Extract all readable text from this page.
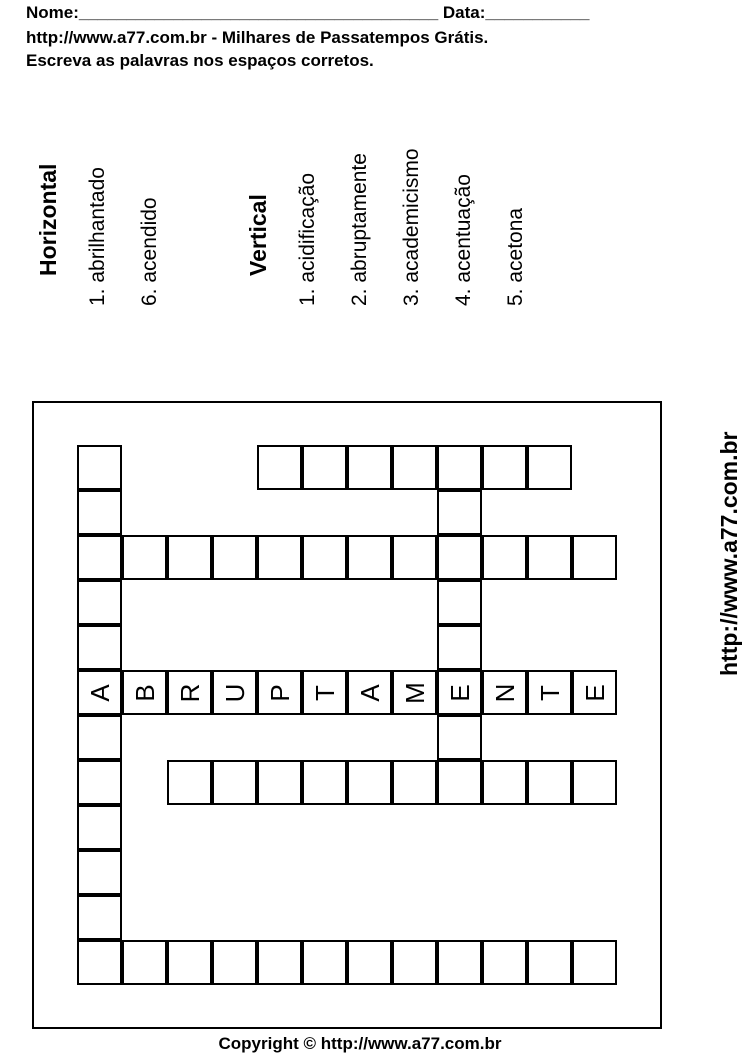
Nome:______________________________________ Data:___________
http://www.a77.com.br - Milhares de Passatempos Grátis.
Escreva as palavras nos espaços corretos.
Horizontal 1. abrilhantado 6. acendido	Vertical 1. acidificação 2. abruptamente 3. academicismo 4. acentuação 5. acetona
A B R U P T A M E N T E
http://www.a77.com.br
Copyright © http://www.a77.com.br
